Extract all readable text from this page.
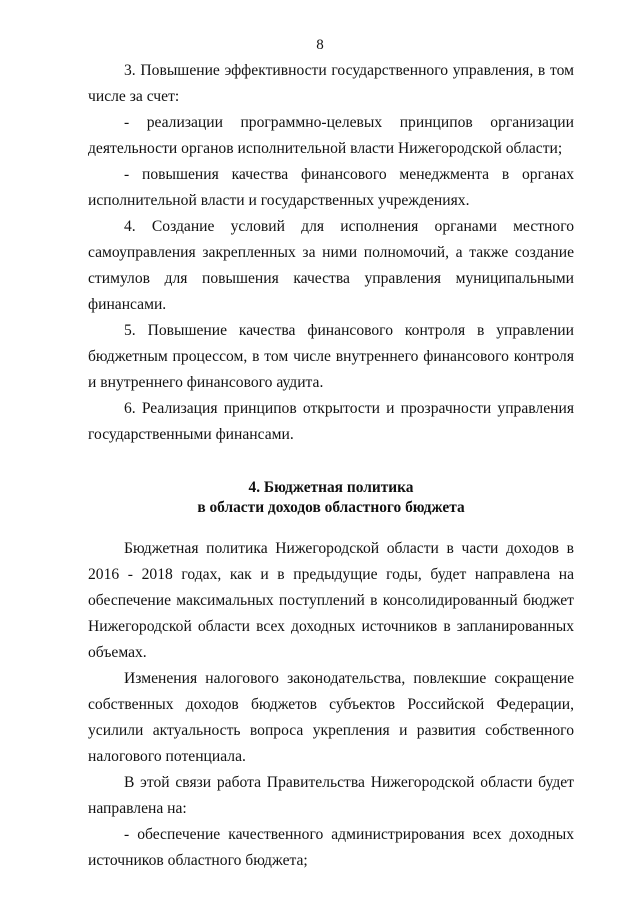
8

3. Повышение эффективности государственного управления, в том числе за счет:

- реализации программно-целевых принципов организации деятельности органов исполнительной власти Нижегородской области;

- повышения качества финансового менеджмента в органах исполнительной власти и государственных учреждениях.

4. Создание условий для исполнения органами местного самоуправления закрепленных за ними полномочий, а также создание стимулов для повышения качества управления муниципальными финансами.

5. Повышение качества финансового контроля в управлении бюджетным процессом, в том числе внутреннего финансового контроля и внутреннего финансового аудита.

6. Реализация принципов открытости и прозрачности управления государственными финансами.

4. Бюджетная политика
в области доходов областного бюджета

Бюджетная политика Нижегородской области в части доходов в 2016 - 2018 годах, как и в предыдущие годы, будет направлена на обеспечение максимальных поступлений в консолидированный бюджет Нижегородской области всех доходных источников в запланированных объемах.

Изменения налогового законодательства, повлекшие сокращение собственных доходов бюджетов субъектов Российской Федерации, усилили актуальность вопроса укрепления и развития собственного налогового потенциала.

В этой связи работа Правительства Нижегородской области будет направлена на:

- обеспечение качественного администрирования всех доходных источников областного бюджета;
